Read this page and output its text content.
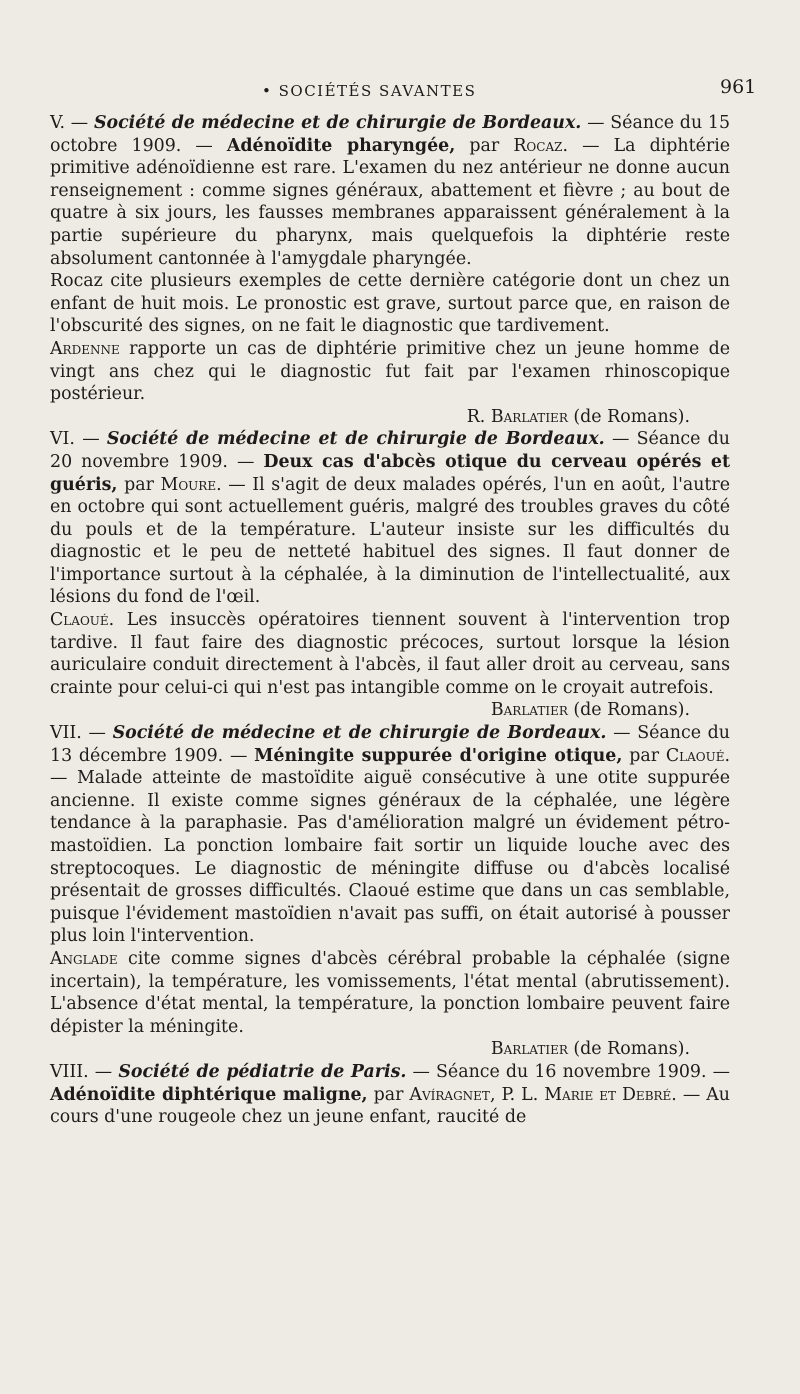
• SOCIÉTÉS SAVANTES	961

V. — Société de médecine et de chirurgie de Bordeaux. — Séance du 15 octobre 1909. — Adénoïdite pharyngée, par Rocaz. — La diphtérie primitive adénoïdienne est rare. L'examen du nez antérieur ne donne aucun renseignement : comme signes généraux, abattement et fièvre ; au bout de quatre à six jours, les fausses membranes apparaissent généralement à la partie supérieure du pharynx, mais quelquefois la diphtérie reste absolument cantonnée à l'amygdale pharyngée.

Rocaz cite plusieurs exemples de cette dernière catégorie dont un chez un enfant de huit mois. Le pronostic est grave, surtout parce que, en raison de l'obscurité des signes, on ne fait le diagnostic que tardivement.

Ardenne rapporte un cas de diphtérie primitive chez un jeune homme de vingt ans chez qui le diagnostic fut fait par l'examen rhinoscopique postérieur.

R. Barlatier (de Romans).

VI. — Société de médecine et de chirurgie de Bordeaux. — Séance du 20 novembre 1909. — Deux cas d'abcès otique du cerveau opérés et guéris, par Moure. — Il s'agit de deux malades opérés, l'un en août, l'autre en octobre qui sont actuellement guéris, malgré des troubles graves du côté du pouls et de la température. L'auteur insiste sur les difficultés du diagnostic et le peu de netteté habituel des signes. Il faut donner de l'importance surtout à la céphalée, à la diminution de l'intellectualité, aux lésions du fond de l'œil.

Claoué. Les insuccès opératoires tiennent souvent à l'intervention trop tardive. Il faut faire des diagnostic précoces, surtout lorsque la lésion auriculaire conduit directement à l'abcès, il faut aller droit au cerveau, sans crainte pour celui-ci qui n'est pas intangible comme on le croyait autrefois.

Barlatier (de Romans).

VII. — Société de médecine et de chirurgie de Bordeaux. — Séance du 13 décembre 1909. — Méningite suppurée d'origine otique, par Claoué. — Malade atteinte de mastoïdite aiguë consécutive à une otite suppurée ancienne. Il existe comme signes généraux de la céphalée, une légère tendance à la paraphasie. Pas d'amélioration malgré un évidement pétro-mastoïdien. La ponction lombaire fait sortir un liquide louche avec des streptocoques. Le diagnostic de méningite diffuse ou d'abcès localisé présentait de grosses difficultés. Claoué estime que dans un cas semblable, puisque l'évidement mastoïdien n'avait pas suffi, on était autorisé à pousser plus loin l'intervention.

Anglade cite comme signes d'abcès cérébral probable la céphalée (signe incertain), la température, les vomissements, l'état mental (abrutissement). L'absence d'état mental, la température, la ponction lombaire peuvent faire dépister la méningite.

Barlatier (de Romans).

VIII. — Société de pédiatrie de Paris. — Séance du 16 novembre 1909. — Adénoïdite diphtérique maligne, par Avíragnet, P. L. Marie et Debré. — Au cours d'une rougeole chez un jeune enfant, raucité de
